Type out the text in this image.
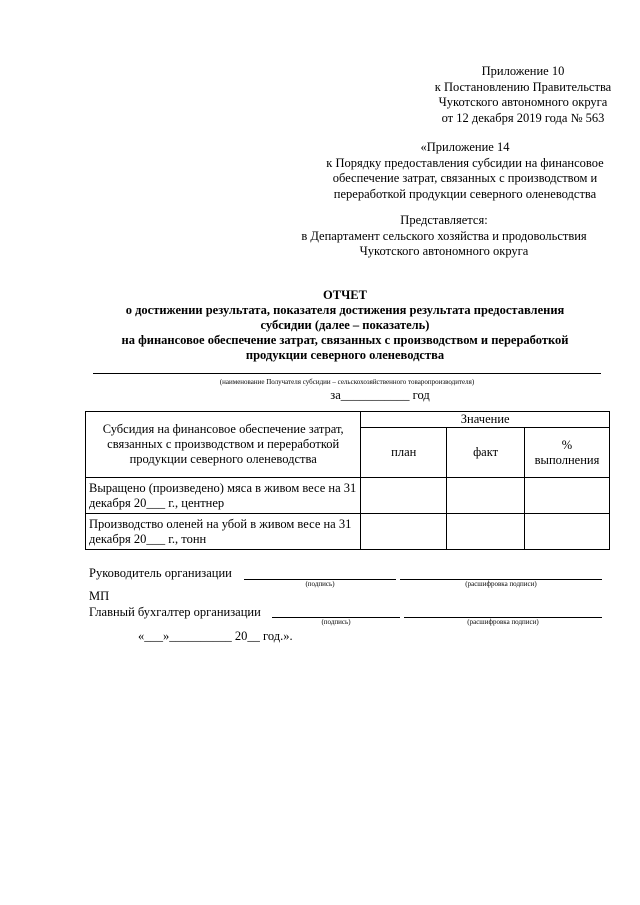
Приложение 10
к Постановлению Правительства
Чукотского автономного округа
от 12 декабря 2019 года № 563
«Приложение 14
к Порядку предоставления субсидии на финансовое
обеспечение затрат, связанных с производством и
переработкой продукции северного оленеводства
Представляется:
в Департамент сельского хозяйства и продовольствия
Чукотского автономного округа
ОТЧЕТ
о достижении результата, показателя достижения результата предоставления
субсидии (далее – показатель)
на финансовое обеспечение затрат, связанных с производством и переработкой
продукции северного оленеводства
(наименование Получателя субсидии – сельскохозяйственного товаропроизводителя)
за___________ год
Субсидия на финансовое обеспечение затрат, связанных с производством и переработкой продукции северного оленеводства	Значение		
	план	факт	% выполнения
Выращено (произведено) мяса в живом весе на 31 декабря 20___ г., центнер			
Производство оленей на убой в живом весе на 31 декабря 20___ г., тонн			
Руководитель организации
(подпись)	(расшифровка подписи)
МП
Главный бухгалтер организации
(подпись)	(расшифровка подписи)
«___»__________ 20__ год.».
